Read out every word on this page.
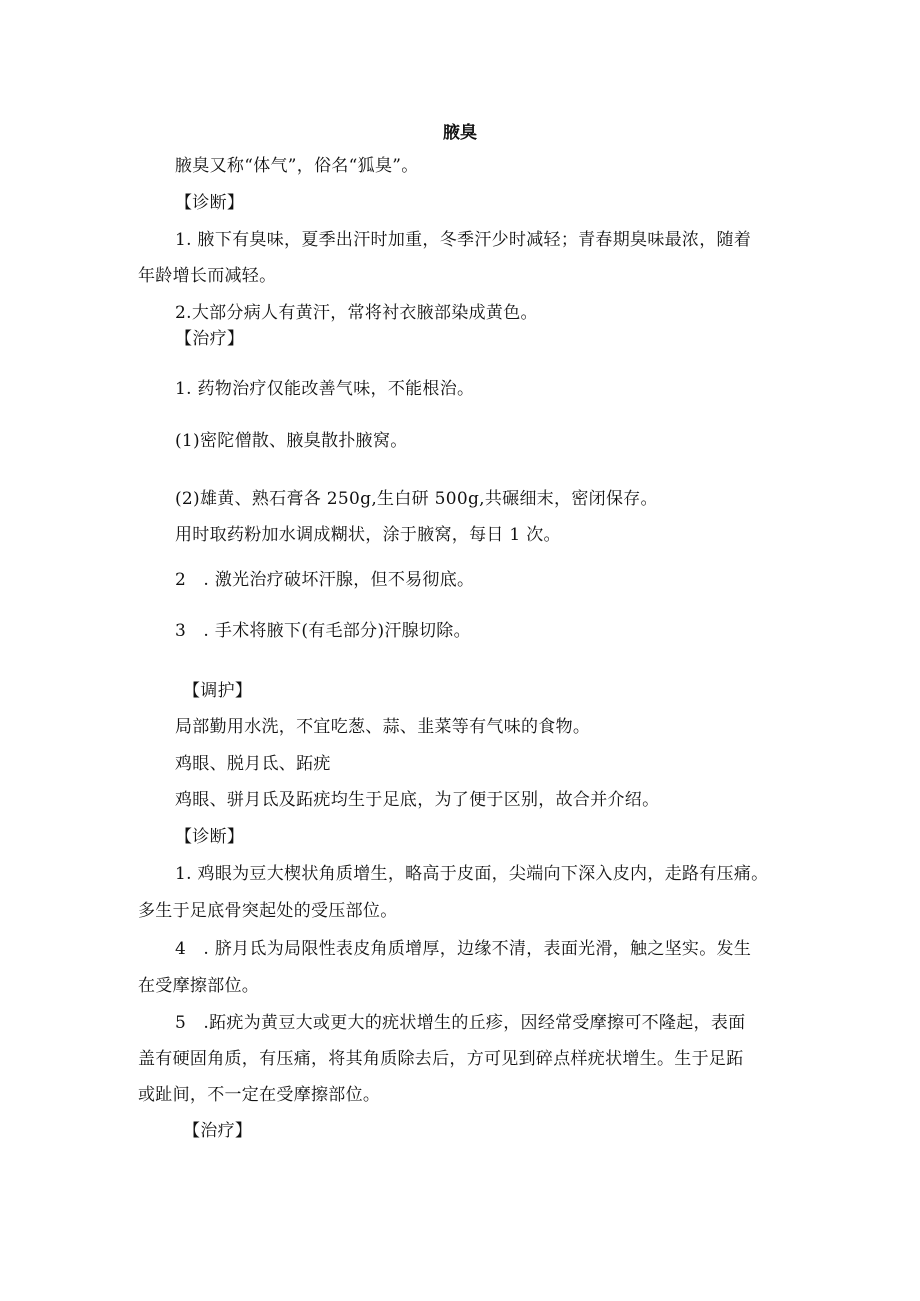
腋臭
腋臭又称“体气”，俗名“狐臭”。
【诊断】
1. 腋下有臭味，夏季出汗时加重，冬季汗少时减轻；青春期臭味最浓，随着
年龄增长而减轻。
2.大部分病人有黄汗，常将衬衣腋部染成黄色。
【治疗】
1. 药物治疗仅能改善气味，不能根治。
(1)密陀僧散、腋臭散扑腋窝。
(2)雄黄、熟石膏各 250g,生白研 500g,共碾细末，密闭保存。
用时取药粉加水调成糊状，涂于腋窝，每日 1 次。
2　. 激光治疗破坏汗腺，但不易彻底。
3　. 手术将腋下(有毛部分)汗腺切除。
【调护】
局部勤用水洗，不宜吃葱、蒜、韭菜等有气味的食物。
鸡眼、脱月氐、跖疣
鸡眼、骈月氐及跖疣均生于足底，为了便于区别，故合并介绍。
【诊断】
1. 鸡眼为豆大楔状角质增生，略高于皮面，尖端向下深入皮内，走路有压痛。
多生于足底骨突起处的受压部位。
4　. 脐月氐为局限性表皮角质增厚，边缘不清，表面光滑，触之坚实。发生
在受摩擦部位。
5　.跖疣为黄豆大或更大的疣状增生的丘疹，因经常受摩擦可不隆起，表面
盖有硬固角质，有压痛，将其角质除去后，方可见到碎点样疣状增生。生于足跖
或趾间，不一定在受摩擦部位。
【治疗】
